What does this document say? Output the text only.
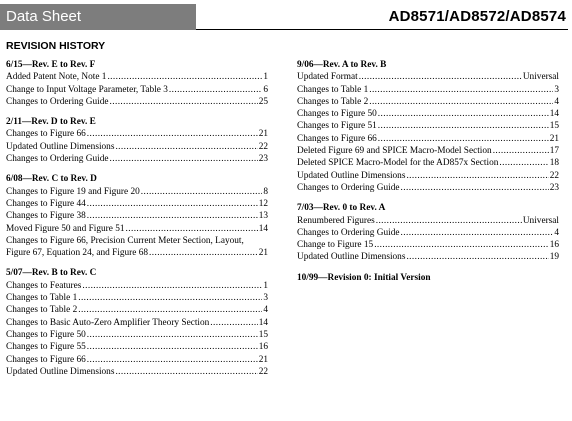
Data Sheet	AD8571/AD8572/AD8574
REVISION HISTORY
6/15—Rev. E to Rev. F
Added Patent Note, Note 1 .....	1
Change to Input Voltage Parameter, Table 3 .....	6
Changes to Ordering Guide .....	25
2/11—Rev. D to Rev. E
Changes to Figure 66 .....	21
Updated Outline Dimensions .....	22
Changes to Ordering Guide .....	23
6/08—Rev. C to Rev. D
Changes to Figure 19 and Figure 20 .....	8
Changes to Figure 44 .....	12
Changes to Figure 38 .....	13
Moved Figure 50 and Figure 51 .....	14
Changes to Figure 66, Precision Current Meter Section, Layout,
Figure 67, Equation 24, and Figure 68 .....	21
5/07—Rev. B to Rev. C
Changes to Features .....	1
Changes to Table 1 .....	3
Changes to Table 2 .....	4
Changes to Basic Auto-Zero Amplifier Theory Section .....	14
Changes to Figure 50 .....	15
Changes to Figure 55 .....	16
Changes to Figure 66 .....	21
Updated Outline Dimensions .....	22
9/06—Rev. A to Rev. B
Updated Format .....	Universal
Changes to Table 1 .....	3
Changes to Table 2 .....	4
Changes to Figure 50 .....	14
Changes to Figure 51 .....	15
Changes to Figure 66 .....	21
Deleted Figure 69 and SPICE Macro-Model Section .....	17
Deleted SPICE Macro-Model for the AD857x Section .....	18
Updated Outline Dimensions .....	22
Changes to Ordering Guide .....	23
7/03—Rev. 0 to Rev. A
Renumbered Figures .....	Universal
Changes to Ordering Guide .....	4
Change to Figure 15 .....	16
Updated Outline Dimensions .....	19
10/99—Revision 0: Initial Version
